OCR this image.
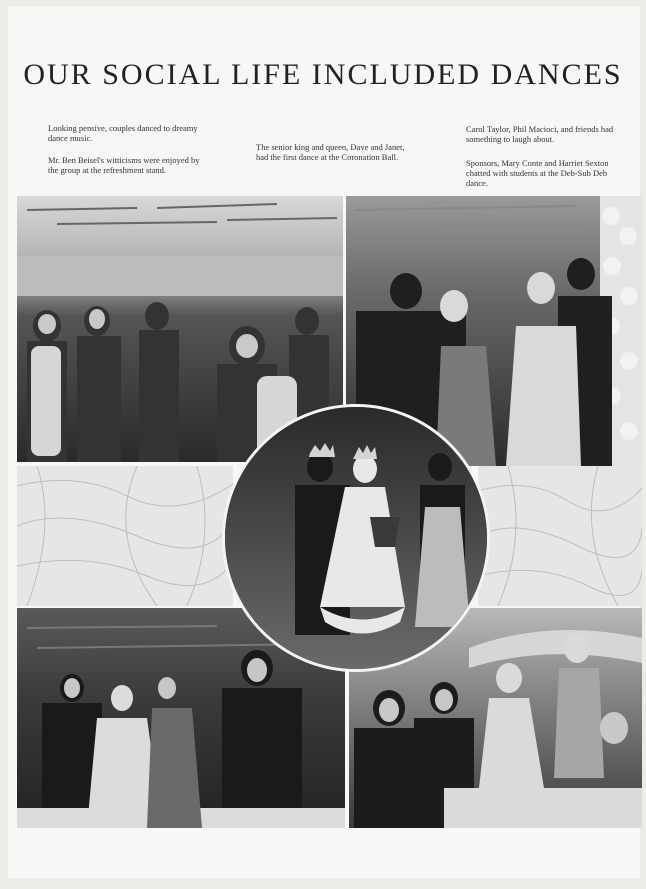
OUR SOCIAL LIFE INCLUDED DANCES
Looking pensive, couples danced to dreamy dance music.
Mr. Ben Beisel's witticisms were enjoyed by the group at the refreshment stand.
The senior king and queen, Dave and Janet, had the first dance at the Coronation Ball.
Carol Taylor, Phil Macioci, and friends had something to laugh about.
Sponsors, Mary Conte and Harriet Sexton chatted with students at the Deb-Sub Deb dance.
